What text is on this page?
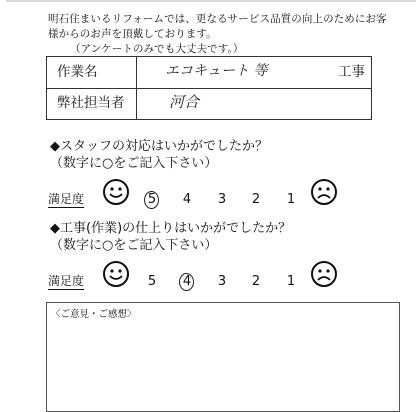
明石住まいるリフォームでは、更なるサービス品質の向上のためにお客
様からのお声を頂戴しております。
（アンケートのみでも大丈夫です。）
作業名	エコキュート 等	工事
弊社担当者	河合
◆スタッフの対応はいかがでしたか？
（数字に○をご記入下さい）
満足度	5 4 3 2 1
◆工事(作業)の仕上りはいかがでしたか？
（数字に○をご記入下さい）
満足度	5 4 3 2 1
〈ご意見・ご感想〉
